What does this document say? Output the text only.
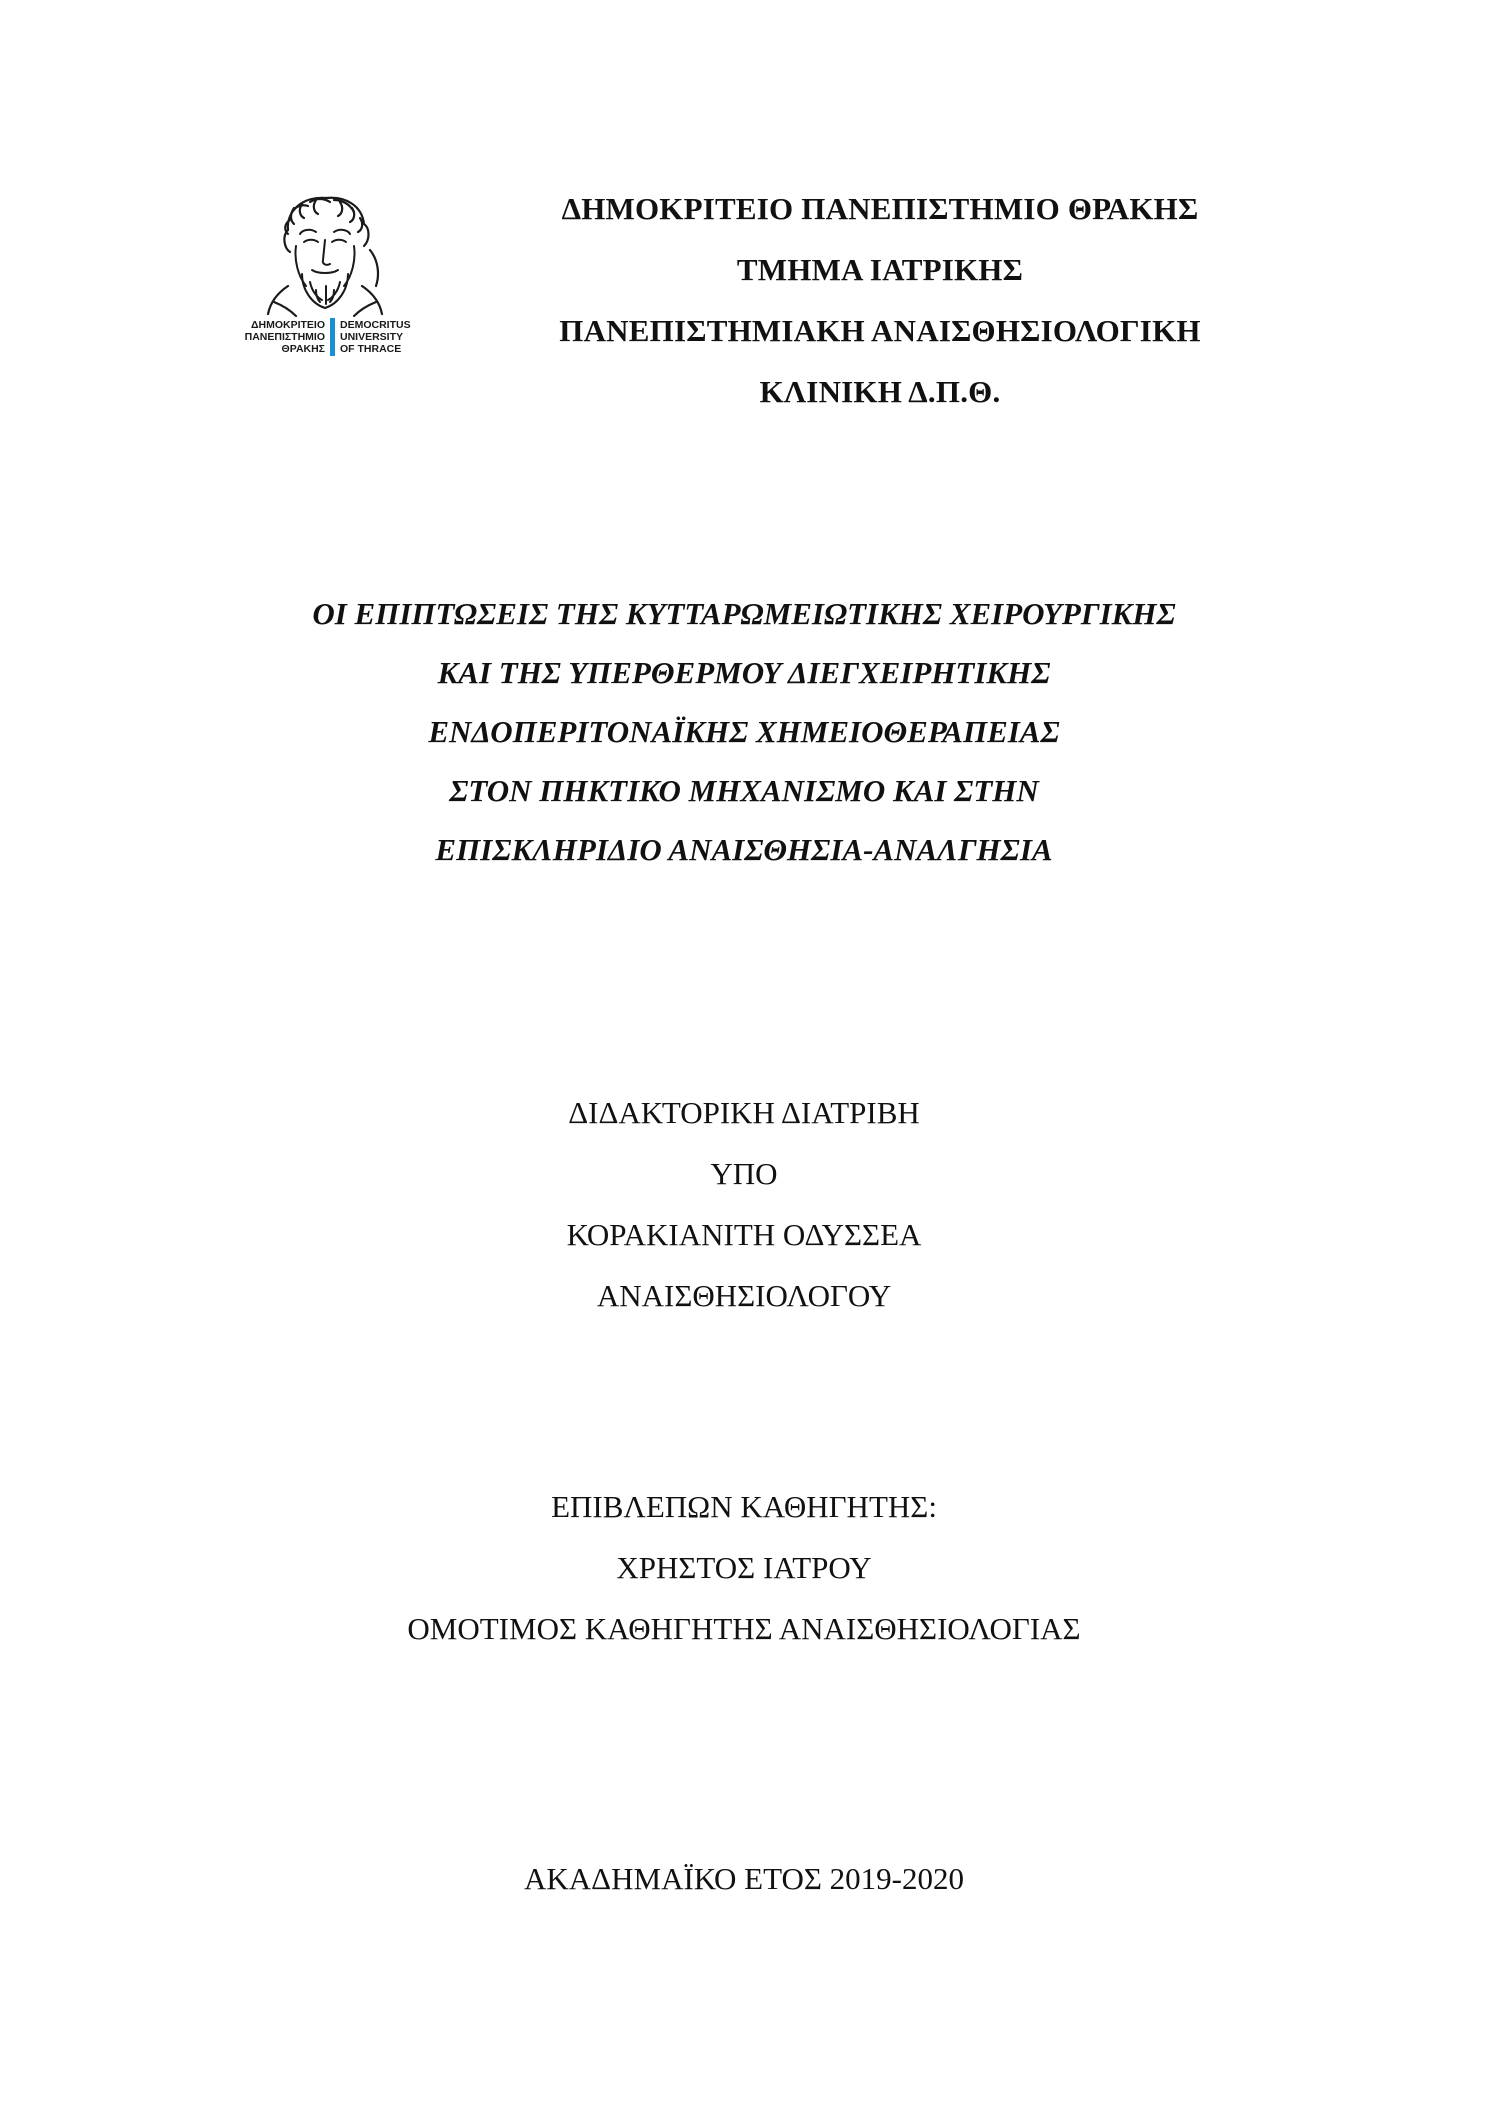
ΔΗΜΟΚΡΙΤΕΙΟ
ΠΑΝΕΠΙΣΤΗΜΙΟ
ΘΡΑΚΗΣ
DEMOCRITUS
UNIVERSITY
OF THRACE
ΔΗΜΟΚΡΙΤΕΙΟ ΠΑΝΕΠΙΣΤΗΜΙΟ ΘΡΑΚΗΣ
ΤΜΗΜΑ ΙΑΤΡΙΚΗΣ
ΠΑΝΕΠΙΣΤΗΜΙΑΚΗ ΑΝΑΙΣΘΗΣΙΟΛΟΓΙΚΗ
ΚΛΙΝΙΚΗ Δ.Π.Θ.
ΟΙ ΕΠΙΠΤΩΣΕΙΣ ΤΗΣ ΚΥΤΤΑΡΩΜΕΙΩΤΙΚΗΣ ΧΕΙΡΟΥΡΓΙΚΗΣ
ΚΑΙ ΤΗΣ ΥΠΕΡΘΕΡΜΟΥ ΔΙΕΓΧΕΙΡΗΤΙΚΗΣ
ΕΝΔΟΠΕΡΙΤΟΝΑΪΚΗΣ ΧΗΜΕΙΟΘΕΡΑΠΕΙΑΣ
ΣΤΟΝ ΠΗΚΤΙΚΟ ΜΗΧΑΝΙΣΜΟ ΚΑΙ ΣΤΗΝ
ΕΠΙΣΚΛΗΡΙΔΙΟ ΑΝΑΙΣΘΗΣΙΑ-ΑΝΑΛΓΗΣΙΑ
ΔΙΔΑΚΤΟΡΙΚΗ ΔΙΑΤΡΙΒΗ
ΥΠΟ
ΚΟΡΑΚΙΑΝΙΤΗ ΟΔΥΣΣΕΑ
ΑΝΑΙΣΘΗΣΙΟΛΟΓΟΥ
ΕΠΙΒΛΕΠΩΝ ΚΑΘΗΓΗΤΗΣ:
ΧΡΗΣΤΟΣ ΙΑΤΡΟΥ
ΟΜΟΤΙΜΟΣ ΚΑΘΗΓΗΤΗΣ ΑΝΑΙΣΘΗΣΙΟΛΟΓΙΑΣ
ΑΚΑΔΗΜΑΪΚΟ ΕΤΟΣ 2019-2020
